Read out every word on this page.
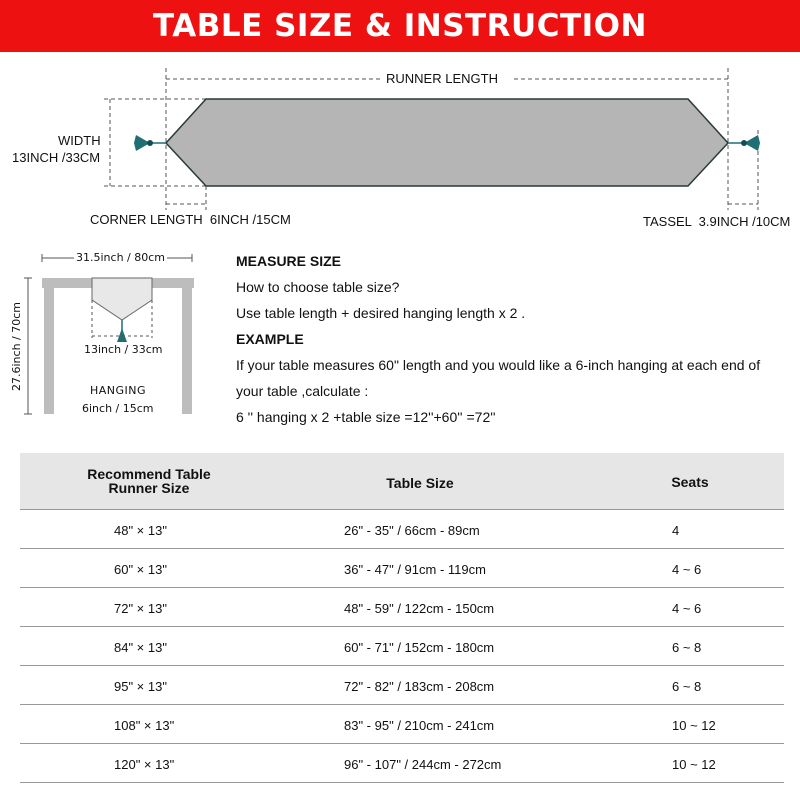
TABLE SIZE & INSTRUCTION
RUNNER LENGTH
WIDTH
13INCH /33CM
CORNER LENGTH  6INCH /15CM	TASSEL  3.9INCH /10CM
31.5inch / 80cm
27.6inch / 70cm	13inch / 33cm
HANGING
6inch / 15cm
MEASURE SIZE
How to choose table size?
Use table length + desired hanging length x 2 .
EXAMPLE
If your table measures 60" length and you would like a 6-inch hanging at each end of
your table ,calculate :
6 '' hanging x 2 +table size =12''+60'' =72''
Recommend Table
Runner Size	Table Size	Seats
48" × 13"	26" - 35" / 66cm - 89cm	4
60" × 13"	36" - 47" / 91cm - 119cm	4 ~ 6
72" × 13"	48" - 59" / 122cm - 150cm	4 ~ 6
84" × 13"	60" - 71" / 152cm - 180cm	6 ~ 8
95" × 13"	72" - 82" / 183cm - 208cm	6 ~ 8
108" × 13"	83" - 95" / 210cm - 241cm	10 ~ 12
120" × 13"	96" - 107" / 244cm - 272cm	10 ~ 12
